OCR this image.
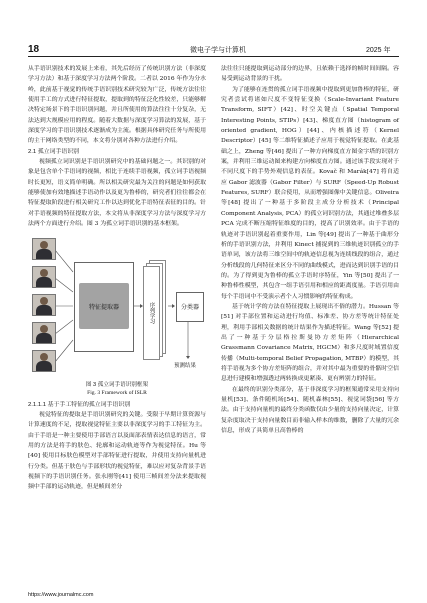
18	微电子学与计算机	2025 年

从手语识别技术的发展上来看，其先后经历了传统识别方法（非深度学习方法）和基于深度学习方法两个阶段。二者以 2016 年作为分水岭，此前基于视觉的传统手语识别技术研究较为广泛，传统方法往往使用手工的方式进行特征提取，提取到的特征泛化性较差，只能够解决特定场景下的手语识别问题，并且所使用的算法往往十分复杂，无法达到大规模应用的程度。随着大数据与深度学习算法的发展，基于深度学习的手语识别技术逐渐成为主流。根据具体研究任务与所使用的主干网络类型的不同，本文将分别对各种方法进行介绍。

2.1 孤立词手语识别

视频孤立词识别是手语识别研究中的基础问题之一。其识别的对象是包含单个手语词的视频，相比于连续手语视频，孤立词手语视频时长更短，语义简单明确。所以相关研究最为关注的问题是如何获取能够使加有效地描述手语动作以及更为鲁棒的，研究者们往往都会在特征提取阶段进行相关研究工作以达到优化手语特征表征的目的。针对手语视频的特征提取方法，本文将从非深度学习方法与深度学习方法两个方面进行介绍。图 3 为孤立词手语识别的基本框架。

特征提取器	序列学习	分类器
预测结果

图 3 孤立词手语识别框架

Fig. 3 Framework of ISLR

2.1.1.1 基于手工特征的孤立词手语识别

视觉特征的提取是手语识别研究的关键。受限于早期计算资源与计算速度的不足，提取视觉特征主要以非深度学习的手工特征为主。由于手语是一种主要使用手部语言以及面部表情表达信息的语言，常用的方法是将手的肤色、轮廓和运动轨迹等作为视觉特征。Hu 等[40] 使用目标肤色模型对手部特征进行提取，并使用支持向量机进行分类。但基于肤色与手部形状的视觉特征，难以应对复杂背景手语视频下的手语识别任务。张永刚等[41] 使用三帧间差分法来提取视频中手部的运动轨迹，但是帧间差分

https://www.journalmc.com

法往往只能提取到运动部分的边界，且依赖于选择的帧时间间隔。容易受到运动背景的干扰。

为了能够在连贯的孤立词手语视频中提取到更加鲁棒的特征，研究者尝试将诸如尺度不变特征变换（Scale-Invariant Feature Transform, SIFT）[42]、时空关键点（Spatial Temporal Interesting Points, STIPs）[43]、梯度直方图（histogram of oriented gradient, HOG）[44]、内核描述符（Kernel Descriptor）[45] 等二维特征描述子应用于视觉特征提取。在此基础之上，Zheng 等[46] 提出了一种方向梯度直方图金字塔的识别方案，并利用三维运动图来构建方向梯度直方图。通过该手段实现对于不同尺度下的手势外观信息的表征。Kovač 和 Marák[47] 将自适应 Gabor 滤波器（Gabor Filter）与 SURF（Speed-Up Robust Features, SURF）联合使用，从而增强图像中关键信息。Oliveira 等[48] 提出了一种基于多阶段主成分分析技术（Principal Component Analysis, PCA）的孤立词识别方法，其通过堆叠多层 PCA 完成不断压缩特征维度的目的，提高了识别效率。由于手语的轨迹对手语识别起着重要作用，Lin 等[49] 提出了一种基于曲形分析的手语识别方法，并利用 Kinect 捕捉到的三维轨迹识别孤立的手语单词，该方法将三维空间中的轨迹信息视为连续线段的组合，通过分析线段的几何特征来区分不同的曲线模式，进而达到识别手语的目的。为了得到更为鲁棒的孤立手语时序特征，Yin 等[50] 提出了一种鲁棒性模型，其包含一组手语引用和相应的距离度量。手语引用由每个手语词中不受演示者个人习惯影响的特征构成。

基于统计学的方法在特征提取上展现出不俗的潜力。Hussan 等[51] 对手部位置和运动进行均值、标准差、协方差等统计特征处理，利用手部相关数据的统计结果作为描述特征。Wang 等[52] 提出了一种基于分层格拉斯曼协方差矩阵（Hierarchical Grassmann Covariance Matrix, HGCM）和多尺度时域置信度传播（Multi-temporal Belief Propagation, MTBP）的模型，其将手语视为多个协方差矩阵的组合，并对其中最为重要的骨骼时空信息进行建模和增强透过两转换成更紧凑、更有辨别力的特征。

在最终的识别分类部分，基于非深度学习的框架通常采用支持向量机[53]、条件随机场[54]、随机森林[55]、视觉词袋[56] 等方法。由于支持向量机的最终分类函数仅由少量的支持向量决定，计算复杂度取决于支持向量数目而非输入样本的维数，删除了大量的冗余信息，形成了具简单且高鲁棒的
